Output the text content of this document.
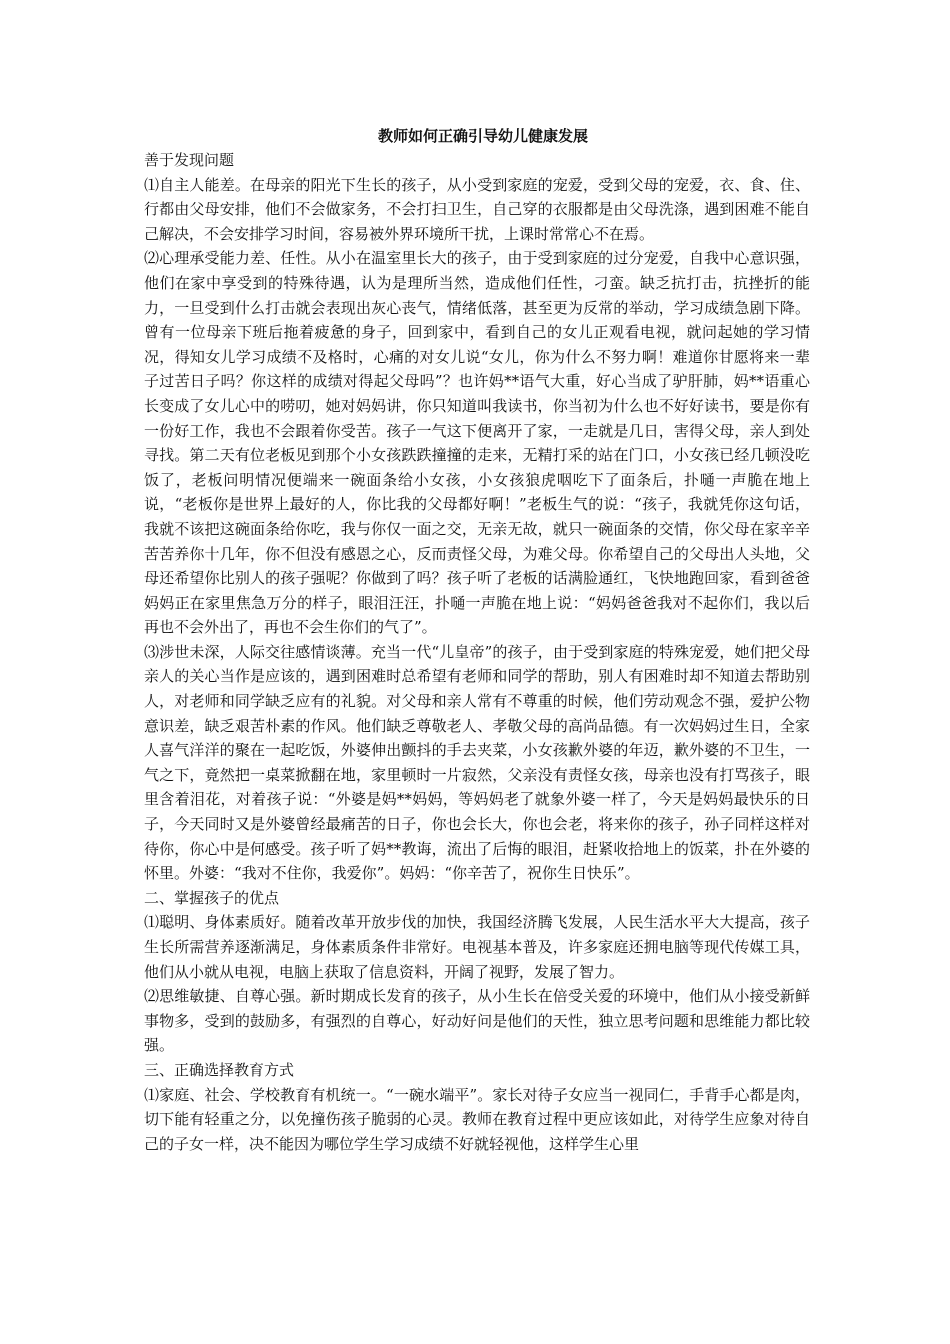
教师如何正确引导幼儿健康发展

善于发现问题

⑴自主人能差。在母亲的阳光下生长的孩子，从小受到家庭的宠爱，受到父母的宠爱，衣、食、住、行都由父母安排，他们不会做家务，不会打扫卫生，自己穿的衣服都是由父母洗涤，遇到困难不能自己解决，不会安排学习时间，容易被外界环境所干扰，上课时常常心不在焉。

⑵心理承受能力差、任性。从小在温室里长大的孩子，由于受到家庭的过分宠爱，自我中心意识强，他们在家中享受到的特殊待遇，认为是理所当然，造成他们任性，刁蛮。缺乏抗打击，抗挫折的能力，一旦受到什么打击就会表现出灰心丧气，情绪低落，甚至更为反常的举动，学习成绩急剧下降。曾有一位母亲下班后拖着疲惫的身子，回到家中，看到自己的女儿正观看电视，就问起她的学习情况，得知女儿学习成绩不及格时，心痛的对女儿说“女儿，你为什么不努力啊！难道你甘愿将来一辈子过苦日子吗？你这样的成绩对得起父母吗”？也许妈**语气大重，好心当成了驴肝肺，妈**语重心长变成了女儿心中的唠叨，她对妈妈讲，你只知道叫我读书，你当初为什么也不好好读书，要是你有一份好工作，我也不会跟着你受苦。孩子一气这下便离开了家，一走就是几日，害得父母，亲人到处寻找。第二天有位老板见到那个小女孩跌跌撞撞的走来，无精打采的站在门口，小女孩已经几顿没吃饭了，老板问明情况便端来一碗面条给小女孩，小女孩狼虎咽吃下了面条后，扑嗵一声脆在地上说，“老板你是世界上最好的人，你比我的父母都好啊！”老板生气的说：“孩子，我就凭你这句话，我就不该把这碗面条给你吃，我与你仅一面之交，无亲无故，就只一碗面条的交情，你父母在家辛辛苦苦养你十几年，你不但没有感恩之心，反而责怪父母，为难父母。你希望自己的父母出人头地，父母还希望你比别人的孩子强呢？你做到了吗？孩子听了老板的话满脸通红，飞快地跑回家，看到爸爸妈妈正在家里焦急万分的样子，眼泪汪汪，扑嗵一声脆在地上说：“妈妈爸爸我对不起你们，我以后再也不会外出了，再也不会生你们的气了”。

⑶涉世未深，人际交往感情谈薄。充当一代“儿皇帝”的孩子，由于受到家庭的特殊宠爱，她们把父母亲人的关心当作是应该的，遇到困难时总希望有老师和同学的帮助，别人有困难时却不知道去帮助别人，对老师和同学缺乏应有的礼貌。对父母和亲人常有不尊重的时候，他们劳动观念不强，爱护公物意识差，缺乏艰苦朴素的作风。他们缺乏尊敬老人、孝敬父母的高尚品德。有一次妈妈过生日，全家人喜气洋洋的聚在一起吃饭，外婆伸出颤抖的手去夹菜，小女孩歉外婆的年迈，歉外婆的不卫生，一气之下，竟然把一桌菜掀翻在地，家里顿时一片寂然，父亲没有责怪女孩，母亲也没有打骂孩子，眼里含着泪花，对着孩子说：“外婆是妈**妈妈，等妈妈老了就象外婆一样了，今天是妈妈最快乐的日子，今天同时又是外婆曾经最痛苦的日子，你也会长大，你也会老，将来你的孩子，孙子同样这样对待你，你心中是何感受。孩子听了妈**教诲，流出了后悔的眼泪，赶紧收拾地上的饭菜，扑在外婆的怀里。外婆：“我对不住你，我爱你”。妈妈：“你辛苦了，祝你生日快乐”。

二、掌握孩子的优点

⑴聪明、身体素质好。随着改革开放步伐的加快，我国经济腾飞发展，人民生活水平大大提高，孩子生长所需营养逐渐满足，身体素质条件非常好。电视基本普及，许多家庭还拥电脑等现代传媒工具，他们从小就从电视，电脑上获取了信息资料，开阔了视野，发展了智力。

⑵思维敏捷、自尊心强。新时期成长发育的孩子，从小生长在倍受关爱的环境中，他们从小接受新鲜事物多，受到的鼓励多，有强烈的自尊心，好动好问是他们的天性，独立思考问题和思维能力都比较强。

三、正确选择教育方式

⑴家庭、社会、学校教育有机统一。“一碗水端平”。家长对待子女应当一视同仁，手背手心都是肉，切下能有轻重之分，以免撞伤孩子脆弱的心灵。教师在教育过程中更应该如此，对待学生应象对待自己的子女一样，决不能因为哪位学生学习成绩不好就轻视他，这样学生心里
